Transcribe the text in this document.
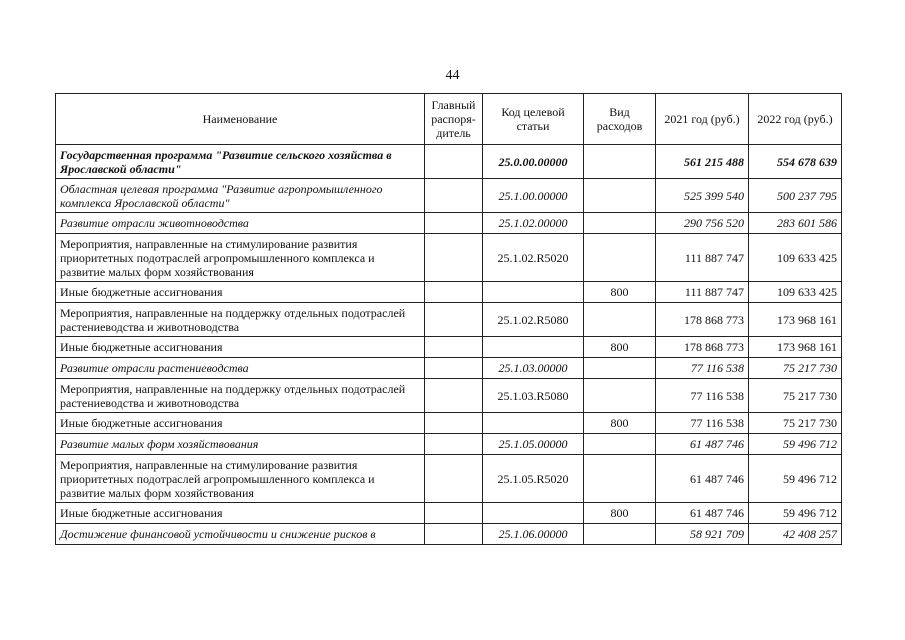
44
Наименование	Главный распоря-дитель	Код целевой статьи	Вид расходов	2021 год (руб.)	2022 год (руб.)
Государственная программа "Развитие сельского хозяйства в Ярославской области"		25.0.00.00000		561 215 488	554 678 639
Областная целевая программа "Развитие агропромышленного комплекса Ярославской области"		25.1.00.00000		525 399 540	500 237 795
Развитие отрасли животноводства		25.1.02.00000		290 756 520	283 601 586
Мероприятия, направленные на стимулирование развития приоритетных подотраслей агропромышленного комплекса и развитие малых форм хозяйствования		25.1.02.R5020		111 887 747	109 633 425
Иные бюджетные ассигнования			800	111 887 747	109 633 425
Мероприятия, направленные на поддержку отдельных подотраслей растениеводства и животноводства		25.1.02.R5080		178 868 773	173 968 161
Иные бюджетные ассигнования			800	178 868 773	173 968 161
Развитие отрасли растениеводства		25.1.03.00000		77 116 538	75 217 730
Мероприятия, направленные на поддержку отдельных подотраслей растениеводства и животноводства		25.1.03.R5080		77 116 538	75 217 730
Иные бюджетные ассигнования			800	77 116 538	75 217 730
Развитие малых форм хозяйствования		25.1.05.00000		61 487 746	59 496 712
Мероприятия, направленные на стимулирование развития приоритетных подотраслей агропромышленного комплекса и развитие малых форм хозяйствования		25.1.05.R5020		61 487 746	59 496 712
Иные бюджетные ассигнования			800	61 487 746	59 496 712
Достижение финансовой устойчивости и снижение рисков в		25.1.06.00000		58 921 709	42 408 257
